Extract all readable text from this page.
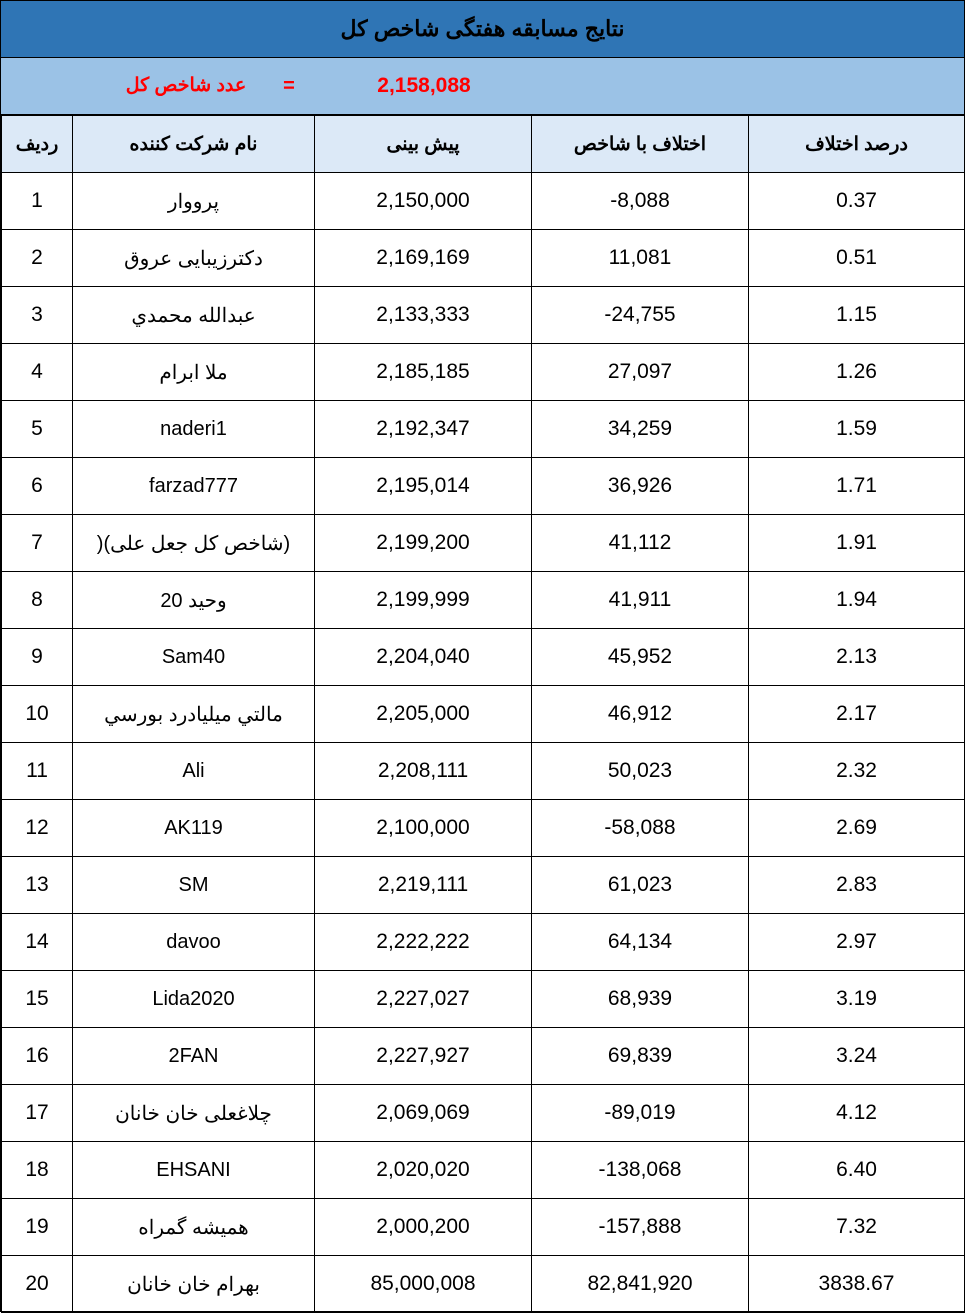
نتایج مسابقه هفتگی شاخص کل
عدد شاخص کل	=	2,158,088
ردیف	نام شرکت کننده	پیش بینی	اختلاف با شاخص	درصد اختلاف
1	پرووار	2,150,000	-8,088	0.37
2	دکترزیبایی عروق	2,169,169	11,081	0.51
3	عبدالله محمدي	2,133,333	-24,755	1.15
4	ملا ابرام	2,185,185	27,097	1.26
5	naderi1	2,192,347	34,259	1.59
6	farzad777	2,195,014	36,926	1.71
7	(شاخص کل جعل علی)(	2,199,200	41,112	1.91
8	وحید 20	2,199,999	41,911	1.94
9	Sam40	2,204,040	45,952	2.13
10	مالتي ميليادرد بورسي	2,205,000	46,912	2.17
11	Ali	2,208,111	50,023	2.32
12	AK119	2,100,000	-58,088	2.69
13	SM	2,219,111	61,023	2.83
14	davoo	2,222,222	64,134	2.97
15	Lida2020	2,227,027	68,939	3.19
16	2FAN	2,227,927	69,839	3.24
17	چلاغعلی خان خانان	2,069,069	-89,019	4.12
18	EHSANI	2,020,020	-138,068	6.40
19	همیشه گمراه	2,000,200	-157,888	7.32
20	بهرام خان خانان	85,000,008	82,841,920	3838.67
